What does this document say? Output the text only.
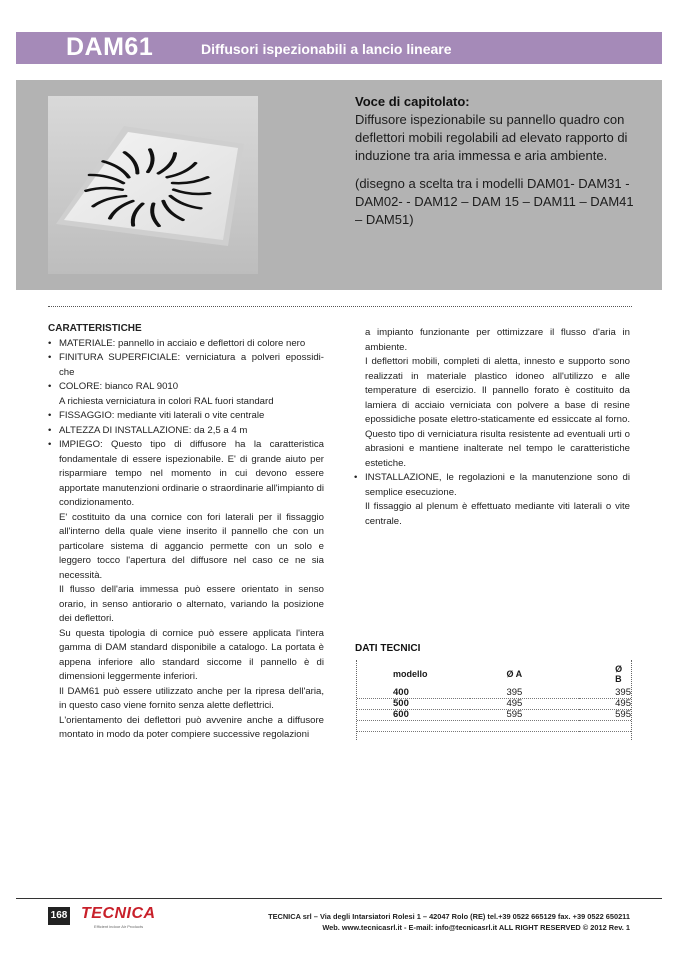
DAM61	Diffusori ispezionabili a lancio lineare
Voce di capitolato:

Diffusore ispezionabile su pannello quadro con deflettori mobili regolabili ad elevato rapporto di induzione tra aria immessa e aria ambiente.

(disegno a scelta tra i modelli DAM01- DAM31 - DAM02- - DAM12 – DAM 15 – DAM11 – DAM41 – DAM51)

CARATTERISTICHE
• MATERIALE: pannello in acciaio e deflettori di colore nero
• FINITURA SUPERFICIALE: verniciatura a polveri epossidi-che
• COLORE: bianco RAL 9010
A richiesta verniciatura in colori RAL fuori standard
• FISSAGGIO: mediante viti laterali o vite centrale
• ALTEZZA DI INSTALLAZIONE: da 2,5 a 4 m
• IMPIEGO: Questo tipo di diffusore ha la caratteristica fondamentale di essere ispezionabile. E' di grande aiuto per risparmiare tempo nel momento in cui devono essere apportate manutenzioni ordinarie o straordinarie all'impianto di condizionamento.
E' costituito da una cornice con fori laterali per il fissaggio all'interno della quale viene inserito il pannello che con un particolare sistema di aggancio permette con un solo e leggero tocco l'apertura del diffusore nel caso ce ne sia necessità.
Il flusso dell'aria immessa può essere orientato in senso orario, in senso antiorario o alternato, variando la posizione dei deflettori.
Su questa tipologia di cornice può essere applicata l'intera gamma di DAM standard disponibile a catalogo. La portata è appena inferiore allo standard siccome il pannello è di dimensioni leggermente inferiori.
Il DAM61 può essere utilizzato anche per la ripresa dell'aria, in questo caso viene fornito senza alette deflettrici.
L'orientamento dei deflettori può avvenire anche a diffusore montato in modo da poter compiere successive regolazioni
a impianto funzionante per ottimizzare il flusso d'aria in ambiente.
I deflettori mobili, completi di aletta, innesto e supporto sono realizzati in materiale plastico idoneo all'utilizzo e alle temperature di esercizio. Il pannello forato è costituito da lamiera di acciaio verniciata con polvere a base di resine epossidiche posate elettro-staticamente ed essiccate al forno. Questo tipo di verniciatura risulta resistente ad eventuali urti o abrasioni e mantiene inalterate nel tempo le caratteristiche estetiche.
• INSTALLAZIONE, le regolazioni e la manutenzione sono di semplice esecuzione.
Il fissaggio al plenum è effettuato mediante viti laterali o vite centrale.
DATI TECNICI
modello	Ø A	Ø B
400	395	395
500	495	495
600	595	595

168 TECNICA
Efficient indoor Air Products
TECNICA srl – Via degli Intarsiatori Rolesi 1 – 42047 Rolo (RE) tel.+39 0522 665129 fax. +39 0522 650211
Web. www.tecnicasrl.it - E-mail: info@tecnicasrl.it ALL RIGHT RESERVED © 2012 Rev. 1
